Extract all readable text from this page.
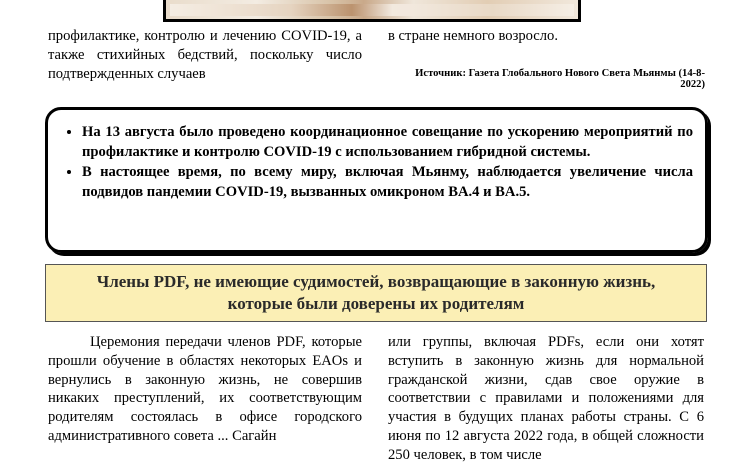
профилактике, контролю и лечению COVID-19, а также стихийных бедствий, поскольку число подтвержденных случаев

в стране немного возросло.

Источник: Газета Глобального Нового Света Мьянмы (14-8-2022)
• На 13 августа было проведено координационное совещание по ускорению мероприятий по профилактике и контролю COVID-19 с использованием гибридной системы.
• В настоящее время, по всему миру, включая Мьянму, наблюдается увеличение числа подвидов пандемии COVID-19, вызванных омикроном BA.4 и BA.5.
Члены PDF, не имеющие судимостей, возвращающие в законную жизнь, которые были доверены их родителям

Церемония передачи членов PDF, которые прошли обучение в областях некоторых EAOs и вернулись в законную жизнь, не совершив никаких преступлений, их соответствующим родителям состоялась в офисе городского административного совета ... Сагайн

или группы, включая PDFs, если они хотят вступить в законную жизнь для нормальной гражданской жизни, сдав свое оружие в соответствии с правилами и положениями для участия в будущих планах работы страны. С 6 июня по 12 августа 2022 года, в общей сложности 250 человек, в том числе
